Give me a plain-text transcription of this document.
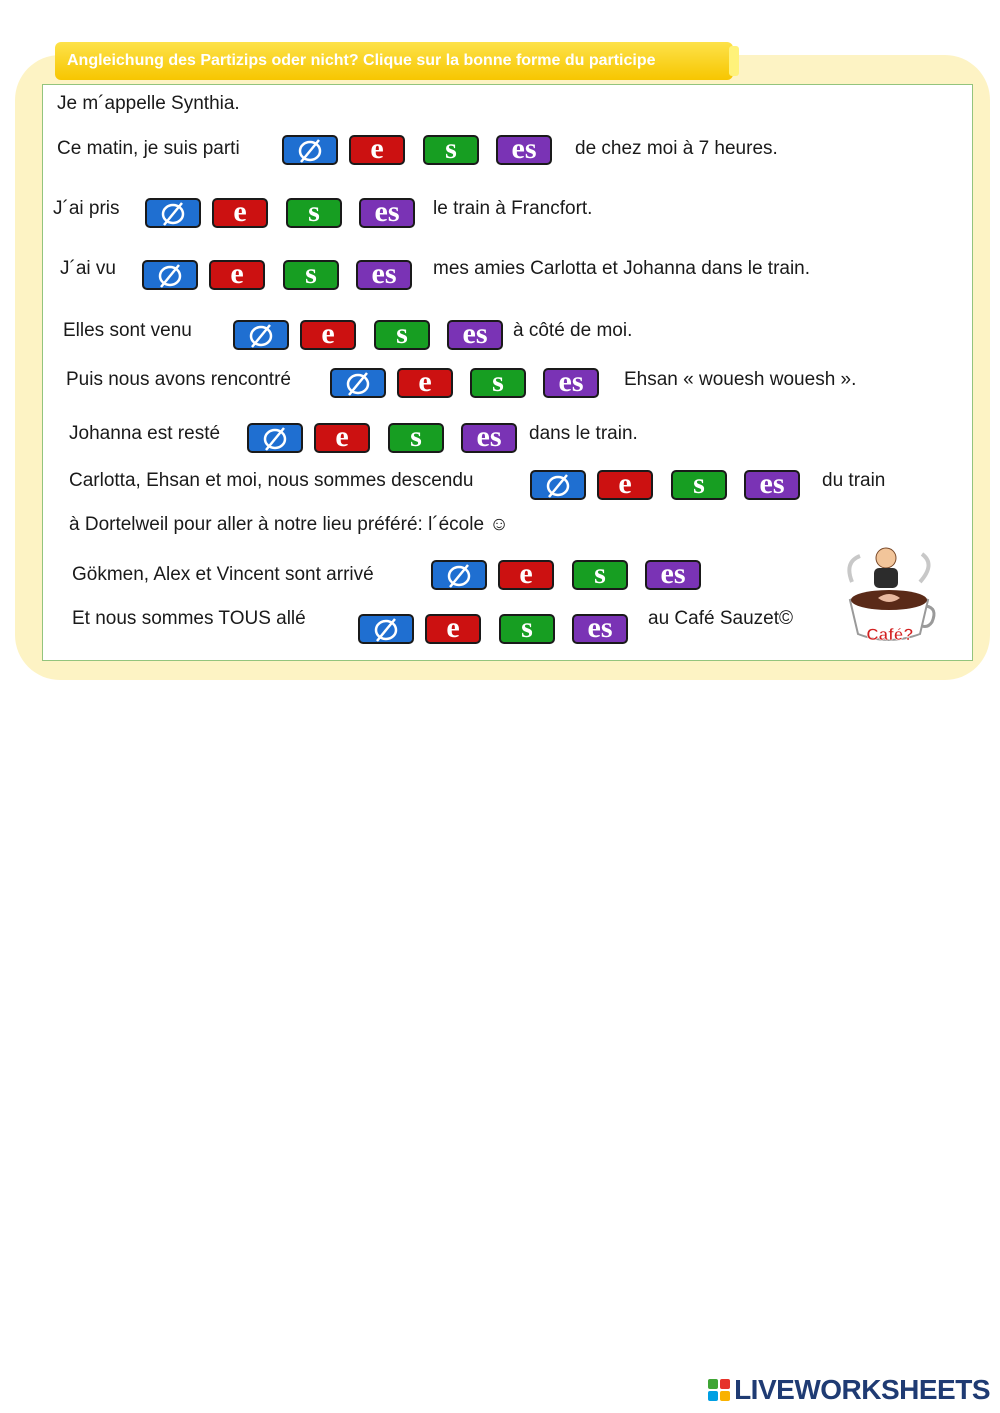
Angleichung des Partizips oder nicht? Clique sur la bonne forme du participe
Je m´appelle Synthia.
Ce matin, je suis parti	e	s	es	de chez moi à 7 heures.
J´ai pris	e	s	es	le train à Francfort.
J´ai vu	e	s	es	mes amies Carlotta et Johanna dans le train.
Elles sont venu	e	s	es	à côté de moi.
Puis nous avons rencontré	e	s	es	Ehsan « wouesh wouesh ».
Johanna est resté	e	s	es	dans le train.
Carlotta, Ehsan et moi, nous sommes descendu	e	s	es	du train
à Dortelweil pour aller à notre lieu préféré: l´école ☺
Gökmen, Alex et Vincent sont arrivé	e	s	es
Et nous sommes TOUS allé	e	s	es	au Café Sauzet©
Café?
LIVEWORKSHEETS
